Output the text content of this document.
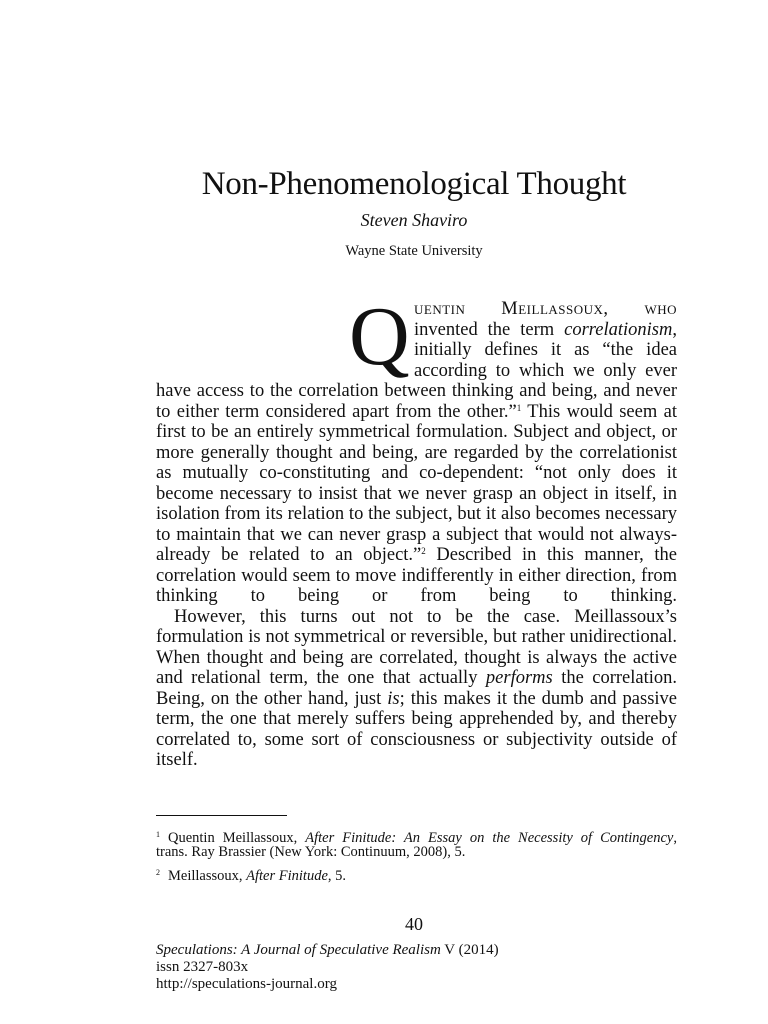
Non-Phenomenological Thought
Steven Shaviro
Wayne State University

Quentin Meillassoux, who invented the term correlationism, initially defines it as “the idea according to which we only ever have access to the correlation between thinking and being, and never to either term considered apart from the other.”$^1$ This would seem at first to be an entirely symmetrical formulation. Subject and object, or more generally thought and being, are regarded by the correlationist as mutually co-constituting and co-dependent: “not only does it become necessary to insist that we never grasp an object in itself, in isolation from its relation to the subject, but it also becomes necessary to maintain that we can never grasp a subject that would not always-already be related to an object.”$^2$ Described in this manner, the correlation would seem to move indifferently in either direction, from thinking to being or from being to thinking.

However, this turns out not to be the case. Meillassoux’s formulation is not symmetrical or reversible, but rather unidirectional. When thought and being are correlated, thought is always the active and relational term, the one that actually performs the correlation. Being, on the other hand, just is; this makes it the dumb and passive term, the one that merely suffers being apprehended by, and thereby correlated to, some sort of consciousness or subjectivity outside of itself.

$^1$ Quentin Meillassoux, After Finitude: An Essay on the Necessity of Contingency,
trans. Ray Brassier (New York: Continuum, 2008), 5.
$^2$ Meillassoux, After Finitude, 5.
40
Speculations: A Journal of Speculative Realism V (2014)
issn 2327-803x
http://speculations-journal.org
